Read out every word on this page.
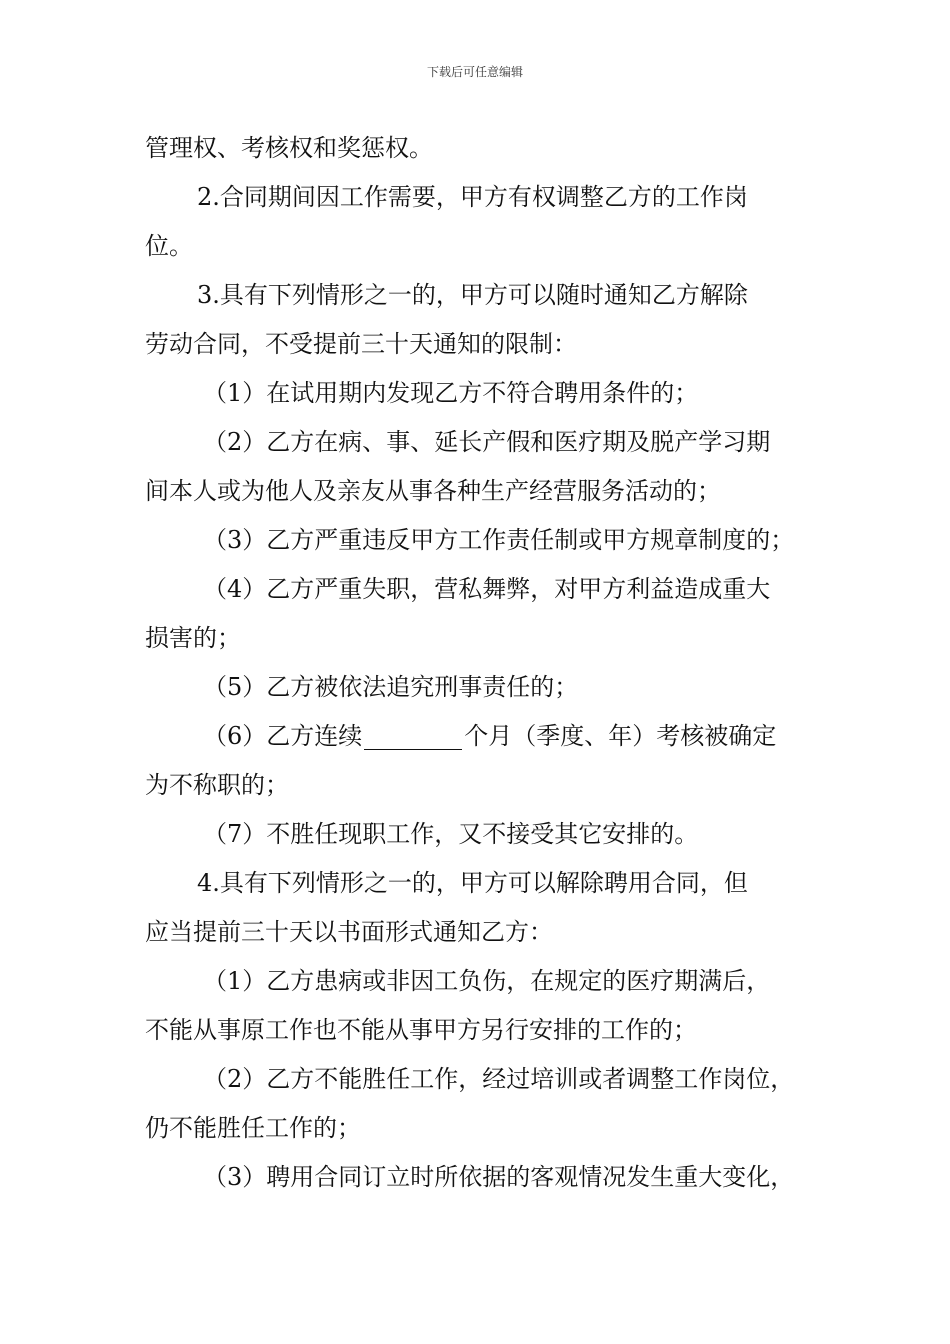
下载后可任意编辑
管理权、考核权和奖惩权。
2.合同期间因工作需要，甲方有权调整乙方的工作岗
位。
3.具有下列情形之一的，甲方可以随时通知乙方解除
劳动合同，不受提前三十天通知的限制：
（1）在试用期内发现乙方不符合聘用条件的；
（2）乙方在病、事、延长产假和医疗期及脱产学习期
间本人或为他人及亲友从事各种生产经营服务活动的；
（3）乙方严重违反甲方工作责任制或甲方规章制度的；
（4）乙方严重失职，营私舞弊，对甲方利益造成重大
损害的；
（5）乙方被依法追究刑事责任的；
（6）乙方连续	个月（季度、年）考核被确定
为不称职的；
（7）不胜任现职工作，又不接受其它安排的。
4.具有下列情形之一的，甲方可以解除聘用合同，但
应当提前三十天以书面形式通知乙方：
（1）乙方患病或非因工负伤，在规定的医疗期满后，
不能从事原工作也不能从事甲方另行安排的工作的；
（2）乙方不能胜任工作，经过培训或者调整工作岗位，
仍不能胜任工作的；
（3）聘用合同订立时所依据的客观情况发生重大变化，
